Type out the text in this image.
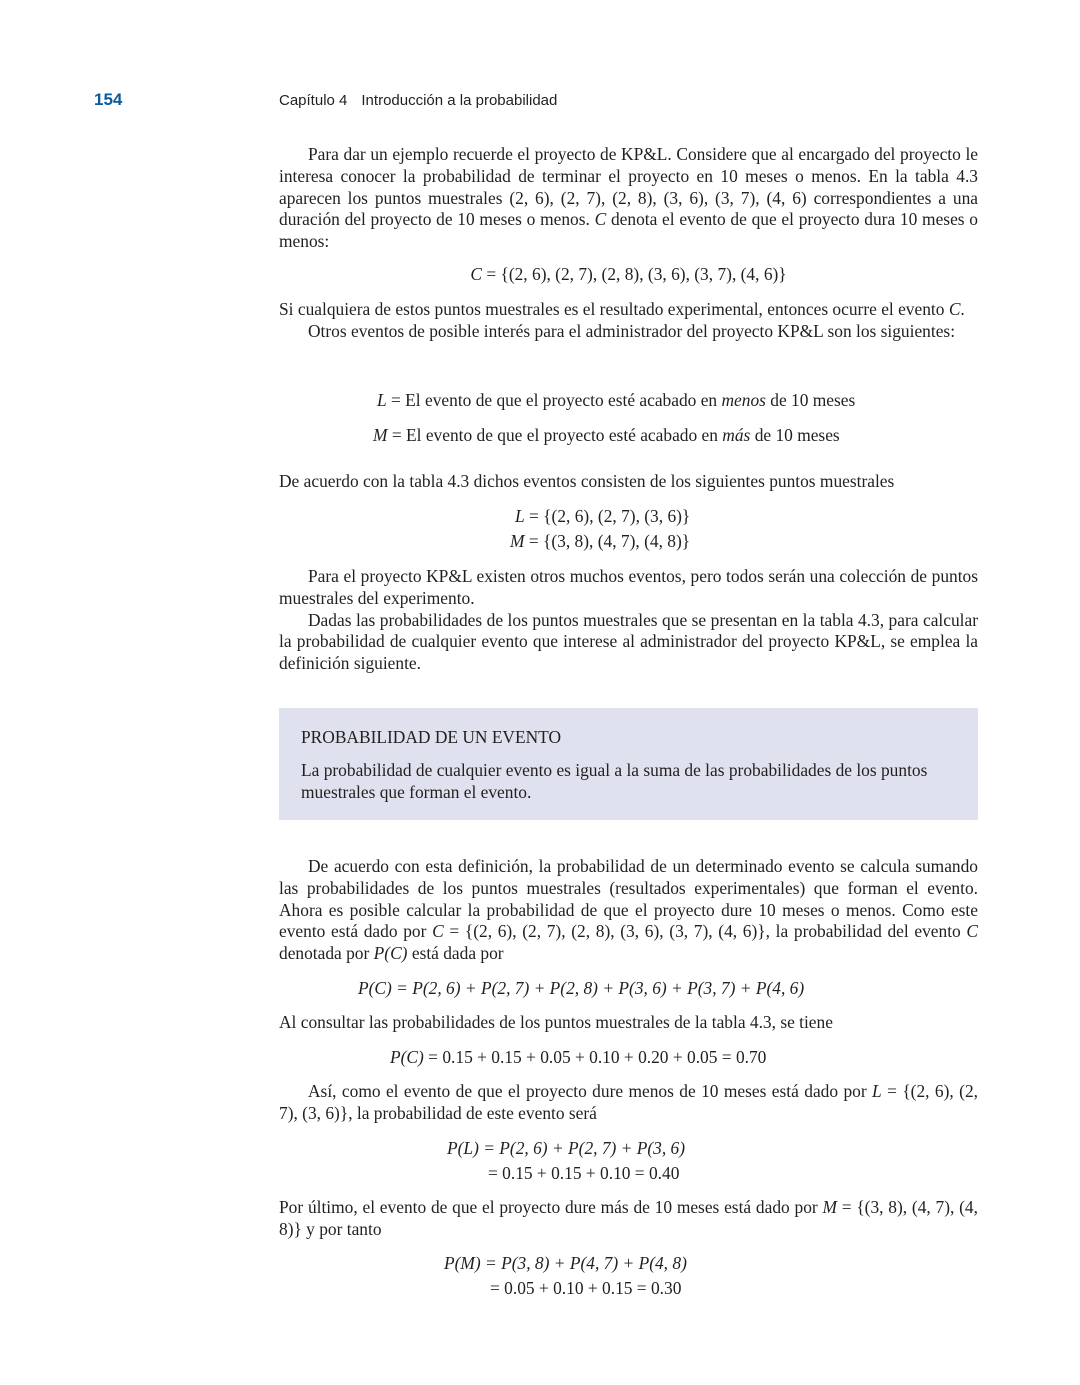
154	Capítulo 4 Introducción a la probabilidad

Para dar un ejemplo recuerde el proyecto de KP&L. Considere que al encargado del proyecto le interesa conocer la probabilidad de terminar el proyecto en 10 meses o menos. En la tabla 4.3 aparecen los puntos muestrales (2, 6), (2, 7), (2, 8), (3, 6), (3, 7), (4, 6) correspondientes a una duración del proyecto de 10 meses o menos. C denota el evento de que el proyecto dura 10 meses o menos:

C = {(2, 6), (2, 7), (2, 8), (3, 6), (3, 7), (4, 6)}

Si cualquiera de estos puntos muestrales es el resultado experimental, entonces ocurre el evento C.

Otros eventos de posible interés para el administrador del proyecto KP&L son los siguientes:

L = El evento de que el proyecto esté acabado en menos de 10 meses
M = El evento de que el proyecto esté acabado en más de 10 meses

De acuerdo con la tabla 4.3 dichos eventos consisten de los siguientes puntos muestrales

L = {(2, 6), (2, 7), (3, 6)}
M = {(3, 8), (4, 7), (4, 8)}

Para el proyecto KP&L existen otros muchos eventos, pero todos serán una colección de puntos muestrales del experimento.

Dadas las probabilidades de los puntos muestrales que se presentan en la tabla 4.3, para calcular la probabilidad de cualquier evento que interese al administrador del proyecto KP&L, se emplea la definición siguiente.

PROBABILIDAD DE UN EVENTO
La probabilidad de cualquier evento es igual a la suma de las probabilidades de los puntos muestrales que forman el evento.

De acuerdo con esta definición, la probabilidad de un determinado evento se calcula sumando las probabilidades de los puntos muestrales (resultados experimentales) que forman el evento. Ahora es posible calcular la probabilidad de que el proyecto dure 10 meses o menos. Como este evento está dado por C = {(2, 6), (2, 7), (2, 8), (3, 6), (3, 7), (4, 6)}, la probabilidad del evento C denotada por P(C) está dada por

P(C) = P(2, 6) + P(2, 7) + P(2, 8) + P(3, 6) + P(3, 7) + P(4, 6)

Al consultar las probabilidades de los puntos muestrales de la tabla 4.3, se tiene

P(C) = 0.15 + 0.15 + 0.05 + 0.10 + 0.20 + 0.05 = 0.70

Así, como el evento de que el proyecto dure menos de 10 meses está dado por L = {(2, 6), (2, 7), (3, 6)}, la probabilidad de este evento será

P(L) = P(2, 6) + P(2, 7) + P(3, 6)
= 0.15 + 0.15 + 0.10 = 0.40

Por último, el evento de que el proyecto dure más de 10 meses está dado por M = {(3, 8), (4, 7), (4, 8)} y por tanto

P(M) = P(3, 8) + P(4, 7) + P(4, 8)
= 0.05 + 0.10 + 0.15 = 0.30
